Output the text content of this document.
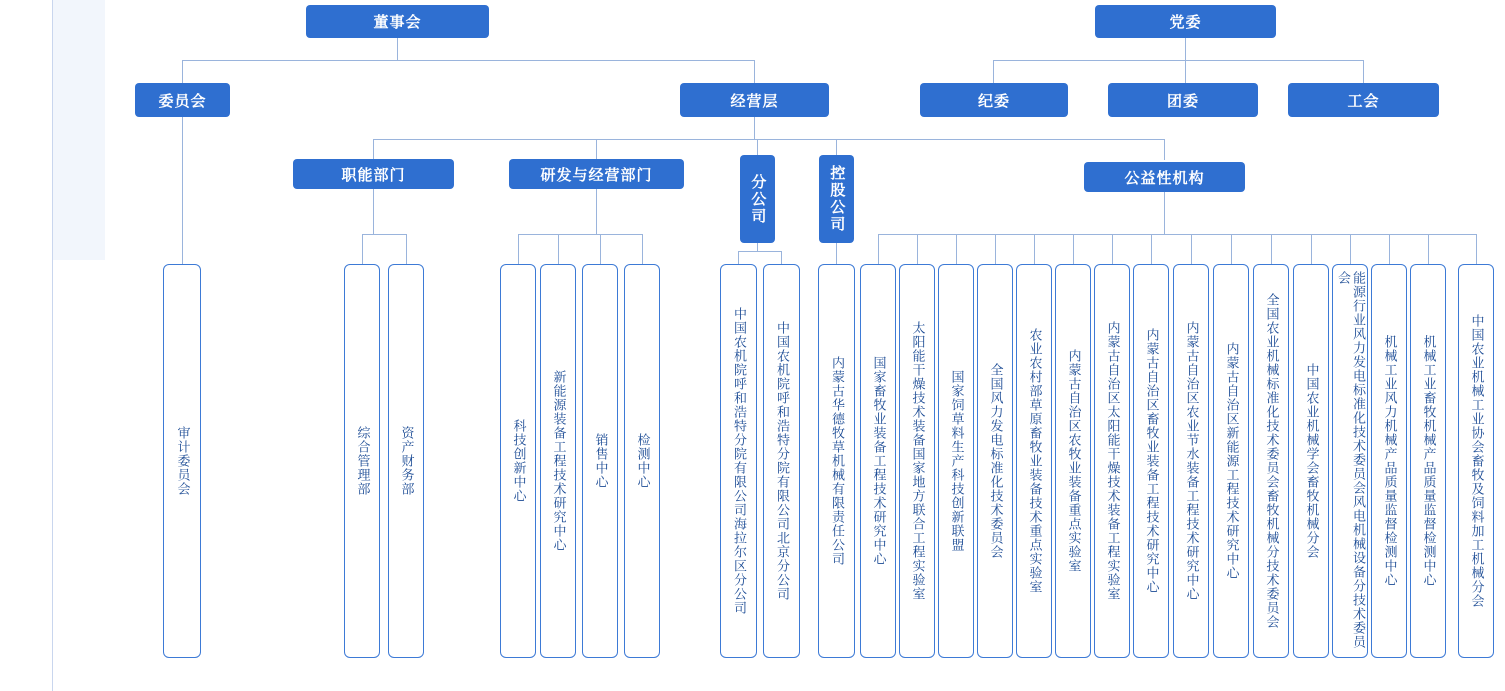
董事会	党委
委员会	经营层	纪委	团委	工会
职能部门	研发与经营部门	分公司	控股公司	公益性机构
审计委员会	综合管理部	资产财务部	科技创新中心	新能源装备工程技术研究中心	销售中心	检测中心	中国农机院呼和浩特分院有限公司海拉尔区分公司	中国农机院呼和浩特分院有限公司北京分公司	内蒙古华德牧草机械有限责任公司	国家畜牧业装备工程技术研究中心	太阳能干燥技术装备国家地方联合工程实验室	国家饲草料生产科技创新联盟	全国风力发电标准化技术委员会	农业农村部草原畜牧业装备技术重点实验室	内蒙古自治区农牧业装备重点实验室	内蒙古自治区太阳能干燥技术装备工程实验室	内蒙古自治区畜牧业装备工程技术研究中心	内蒙古自治区农业节水装备工程技术研究中心	内蒙古自治区新能源工程技术研究中心	全国农业机械标准化技术委员会畜牧机械分技术委员会	中国农业机械学会畜牧机械分会	能源行业风力发电标准化技术委员会风电机械设备分技术委员会
机械工业风力机械产品质量监督检测中心	机械工业畜牧机械产品质量监督检测中心	中国农业机械工业协会畜牧及饲料加工机械分会
